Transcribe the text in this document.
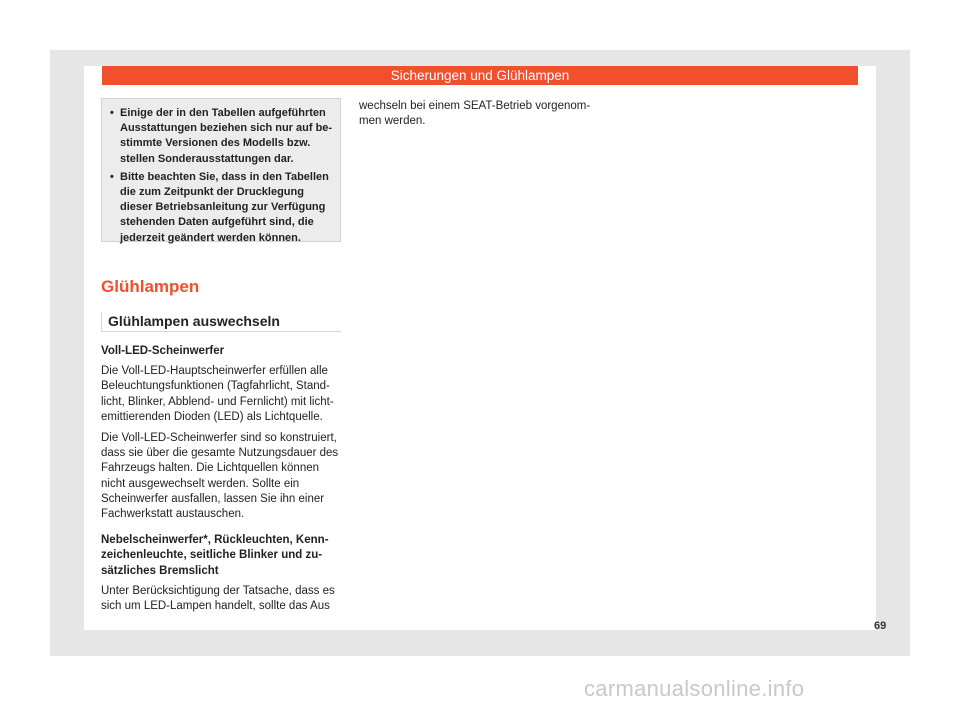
Sicherungen und Glühlampen
• Einige der in den Tabellen aufgeführten Ausstattungen beziehen sich nur auf bestimmte Versionen des Modells bzw. stellen Sonderausstattungen dar.
• Bitte beachten Sie, dass in den Tabellen die zum Zeitpunkt der Drucklegung dieser Betriebsanleitung zur Verfügung stehenden Daten aufgeführt sind, die jederzeit geändert werden können.
Glühlampen
Glühlampen auswechseln
Voll-LED-Scheinwerfer

Die Voll-LED-Hauptscheinwerfer erfüllen alle Beleuchtungsfunktionen (Tagfahrlicht, Standlicht, Blinker, Abblend- und Fernlicht) mit lichtemittierenden Dioden (LED) als Lichtquelle.

Die Voll-LED-Scheinwerfer sind so konstruiert, dass sie über die gesamte Nutzungsdauer des Fahrzeugs halten. Die Lichtquellen können nicht ausgewechselt werden. Sollte ein Scheinwerfer ausfallen, lassen Sie ihn einer Fachwerkstatt austauschen.

Nebelscheinwerfer*, Rückleuchten, Kennzeichenleuchte, seitliche Blinker und zusätzliches Bremslicht

Unter Berücksichtigung der Tatsache, dass es sich um LED-Lampen handelt, sollte das Aus

wechseln bei einem SEAT-Betrieb vorgenommen werden.

69
carmanualsonline.info
